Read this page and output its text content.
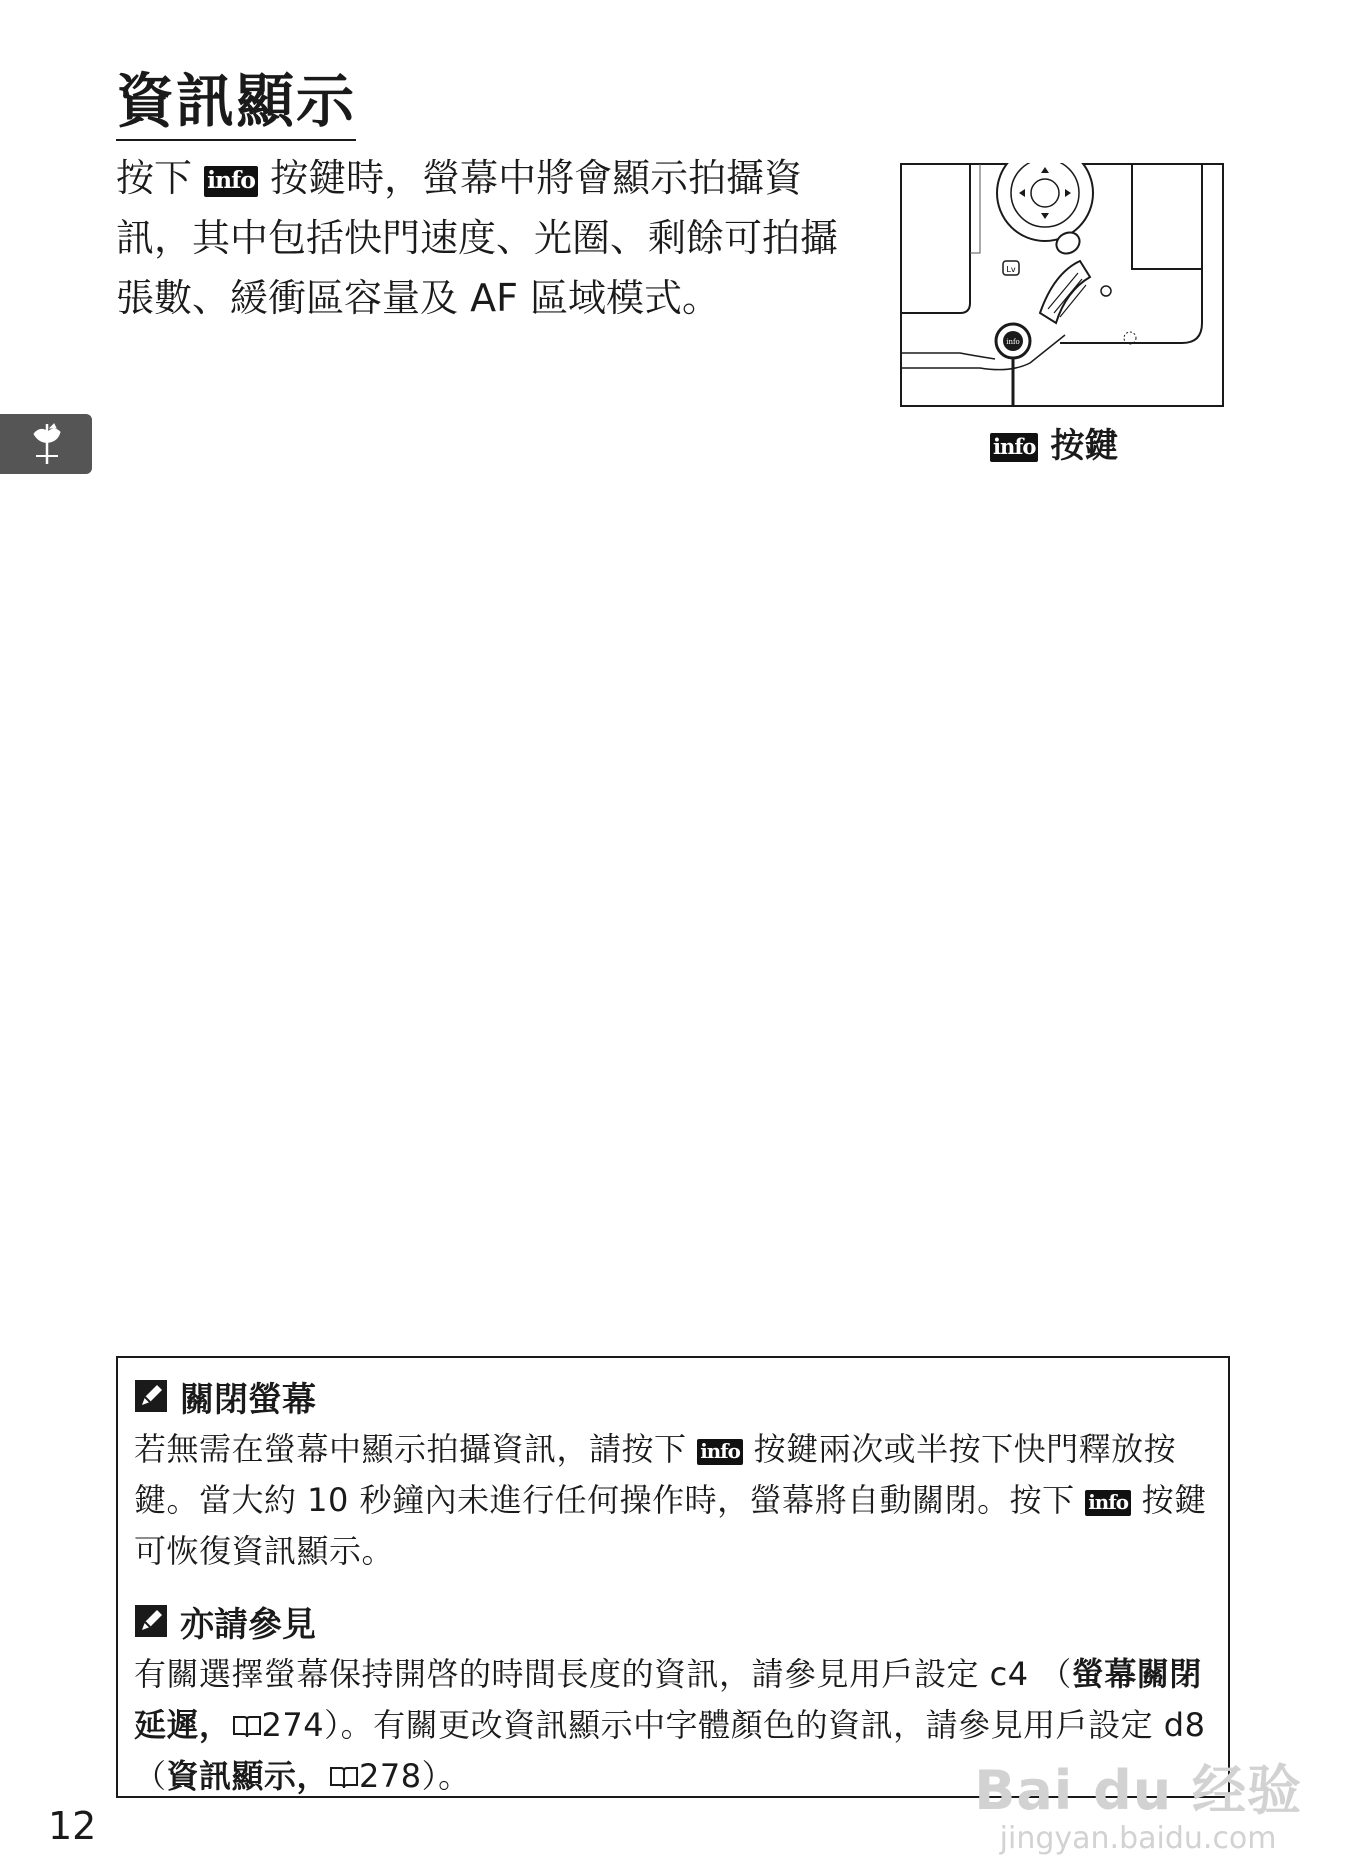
資訊顯示

按下 info 按鍵時，螢幕中將會顯示拍攝資訊，其中包括快門速度、光圈、剩餘可拍攝張數、緩衝區容量及 AF 區域模式。

Lv
info
info 按鍵
關閉螢幕

若無需在螢幕中顯示拍攝資訊，請按下 info 按鍵兩次或半按下快門釋放按鍵。當大約 10 秒鐘內未進行任何操作時，螢幕將自動關閉。按下 info 按鍵可恢復資訊顯示。

亦請參見

有關選擇螢幕保持開啓的時間長度的資訊，請參見用戶設定 c4 （螢幕關閉延遲， 274）。有關更改資訊顯示中字體顏色的資訊，請參見用戶設定 d8 （資訊顯示， 278）。

12
Bai du 经验
jingyan.baidu.com
